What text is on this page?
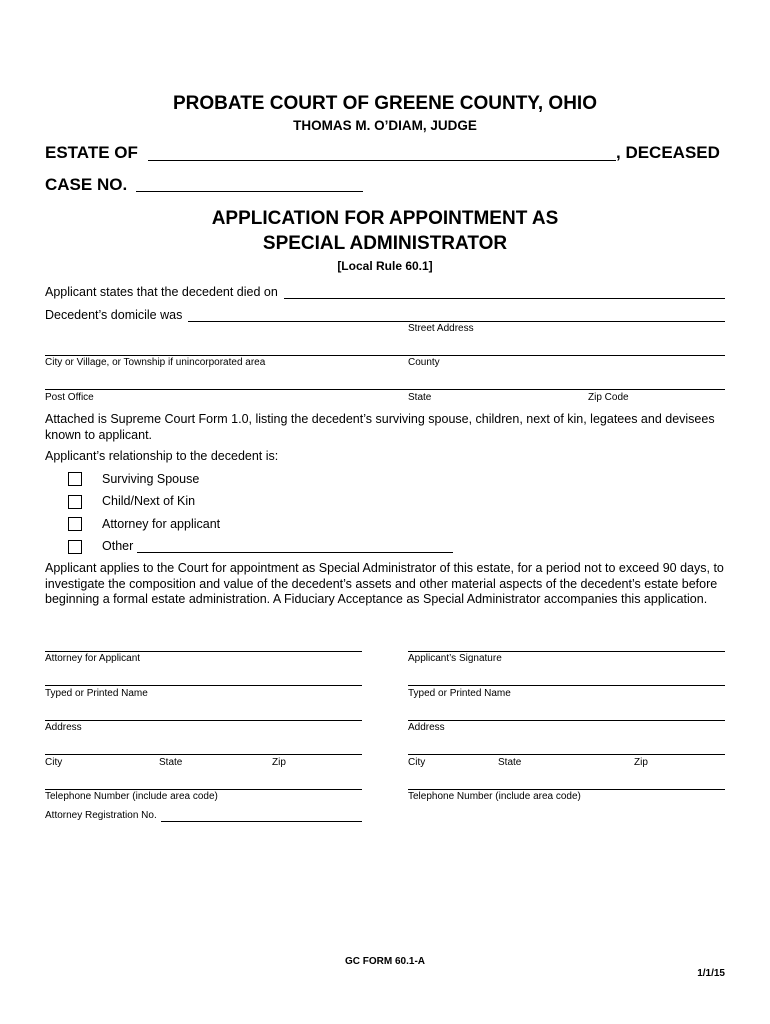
PROBATE COURT OF GREENE COUNTY, OHIO
THOMAS M. O’DIAM, JUDGE
ESTATE OF	, DECEASED
CASE NO.
APPLICATION FOR APPOINTMENT AS
SPECIAL ADMINISTRATOR
[Local Rule 60.1]
Applicant states that the decedent died on
Decedent’s domicile was
Street Address
City or Village, or Township if unincorporated area	County
Post Office	State	Zip Code
Attached is Supreme Court Form 1.0, listing the decedent’s surviving spouse, children, next of kin, legatees and devisees known to applicant.
Applicant’s relationship to the decedent is:
Surviving Spouse
Child/Next of Kin
Attorney for applicant
Other
Applicant applies to the Court for appointment as Special Administrator of this estate, for a period not to exceed 90 days, to investigate the composition and value of the decedent’s assets and other material aspects of the decedent’s estate before beginning a formal estate administration. A Fiduciary Acceptance as Special Administrator accompanies this application.
Attorney for Applicant
Typed or Printed Name
Address
City	State	Zip
Telephone Number (include area code)
Attorney Registration No.
Applicant’s Signature
Typed or Printed Name
Address
City	State	Zip
Telephone Number (include area code)
GC FORM 60.1-A
1/1/15
